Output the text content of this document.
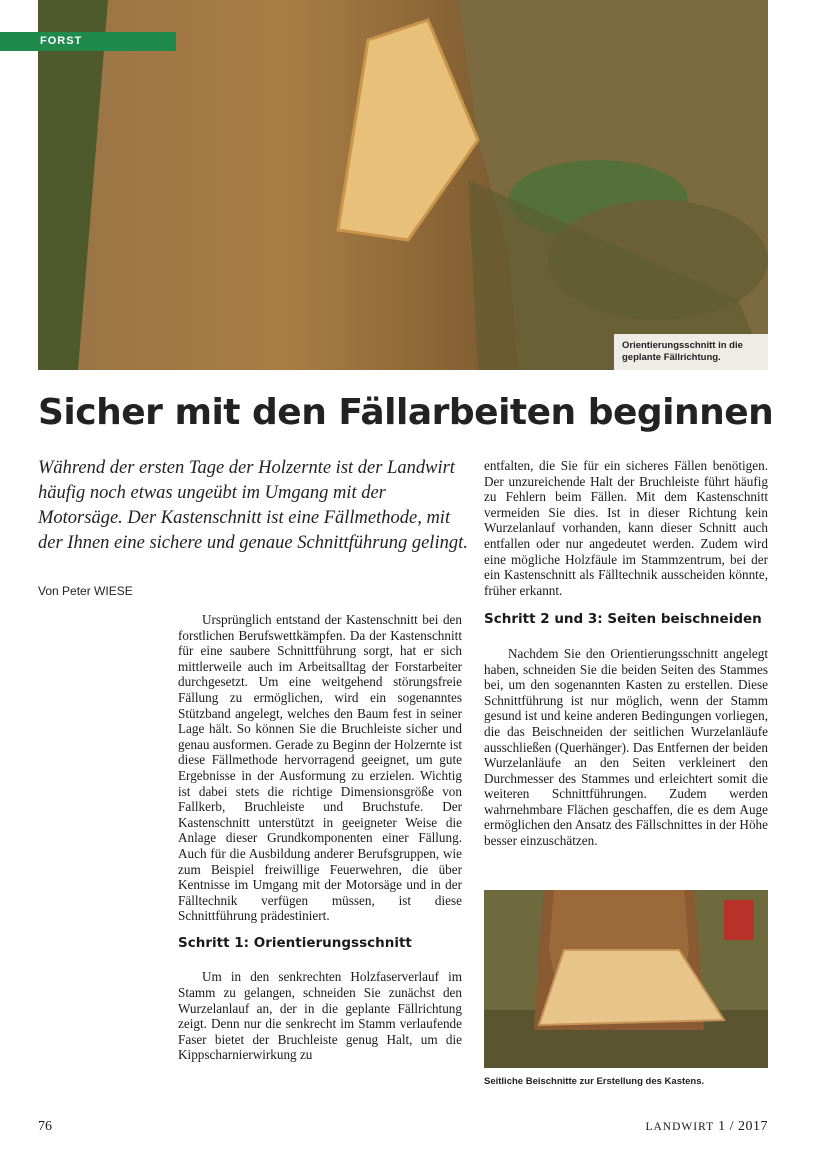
Orientierungsschnitt in die geplante Fällrichtung.
FORST
Sicher mit den Fällarbeiten beginnen

Während der ersten Tage der Holzernte ist der Landwirt häufig noch etwas ungeübt im Umgang mit der Motorsäge. Der Kastenschnitt ist eine Fällmethode, mit der Ihnen eine sichere und genaue Schnittführung gelingt.

Von Peter WIESE

Ursprünglich entstand der Kastenschnitt bei den forstlichen Berufswettkämpfen. Da der Kastenschnitt für eine saubere Schnittführung sorgt, hat er sich mittlerweile auch im Arbeitsalltag der Forstarbeiter durchgesetzt. Um eine weitgehend störungsfreie Fällung zu ermöglichen, wird ein sogenanntes Stützband angelegt, welches den Baum fest in seiner Lage hält. So können Sie die Bruchleiste sicher und genau ausformen. Gerade zu Beginn der Holzernte ist diese Fällmethode hervorragend geeignet, um gute Ergebnisse in der Ausformung zu erzielen. Wichtig ist dabei stets die richtige Dimensionsgröße von Fallkerb, Bruchleiste und Bruchstufe. Der Kastenschnitt unterstützt in geeigneter Weise die Anlage dieser Grundkomponenten einer Fällung. Auch für die Ausbildung anderer Berufsgruppen, wie zum Beispiel freiwillige Feuerwehren, die über Kentnisse im Umgang mit der Motorsäge und in der Fälltechnik verfügen müssen, ist diese Schnittführung prädestiniert.

Schritt 1: Orientierungsschnitt

Um in den senkrechten Holzfaserverlauf im Stamm zu gelangen, schneiden Sie zunächst den Wurzelanlauf an, der in die geplante Fällrichtung zeigt. Denn nur die senkrecht im Stamm verlaufende Faser bietet der Bruchleiste genug Halt, um die Kippscharnierwirkung zu

entfalten, die Sie für ein sicheres Fällen benötigen. Der unzureichende Halt der Bruchleiste führt häufig zu Fehlern beim Fällen. Mit dem Kastenschnitt vermeiden Sie dies. Ist in dieser Richtung kein Wurzelanlauf vorhanden, kann dieser Schnitt auch entfallen oder nur angedeutet werden. Zudem wird eine mögliche Holzfäule im Stammzentrum, bei der ein Kastenschnitt als Fälltechnik ausscheiden könnte, früher erkannt.

Schritt 2 und 3: Seiten beischneiden

Nachdem Sie den Orientierungsschnitt angelegt haben, schneiden Sie die beiden Seiten des Stammes bei, um den sogenannten Kasten zu erstellen. Diese Schnittführung ist nur möglich, wenn der Stamm gesund ist und keine anderen Bedingungen vorliegen, die das Beischneiden der seitlichen Wurzelanläufe ausschließen (Querhänger). Das Entfernen der beiden Wurzelanläufe an den Seiten verkleinert den Durchmesser des Stammes und erleichtert somit die weiteren Schnittführungen. Zudem werden wahrnehmbare Flächen geschaffen, die es dem Auge ermöglichen den Ansatz des Fällschnittes in der Höhe besser einzuschätzen.

Seitliche Beischnitte zur Erstellung des Kastens.
76	LANDWIRT 1 / 2017
